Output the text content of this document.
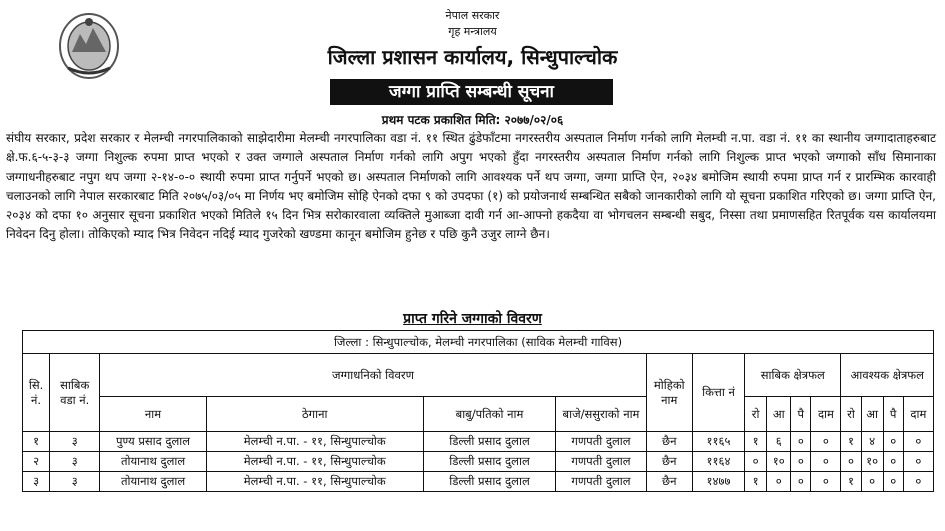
नेपाल सरकार
गृह मन्त्रालय
जिल्ला प्रशासन कार्यालय, सिन्धुपाल्चोक
जग्गा प्राप्ति सम्बन्धी सूचना
प्रथम पटक प्रकाशित मिति: २०७७/०२/०६
संघीय सरकार, प्रदेश सरकार र मेलम्ची नगरपालिकाको साझेदारीमा मेलम्ची नगरपालिका वडा नं. ११ स्थित ढुंडेफाँटमा नगरस्तरीय अस्पताल निर्माण गर्नको लागि मेलम्ची न.पा. वडा नं. ११ का स्थानीय जग्गादाताहरुबाट क्षे.फ.६-५-३-३ जग्गा निशुल्क रुपमा प्राप्त भएको र उक्त जग्गाले अस्पताल निर्माण गर्नको लागि अपुग भएको हुँदा नगरस्तरीय अस्पताल निर्माण गर्नको लागि निशुल्क प्राप्त भएको जग्गाको साँध सिमानाका जग्गाधनीहरुबाट नपुग थप जग्गा २-१४-०-० स्थायी रुपमा प्राप्त गर्नुपर्ने भएको छ। अस्पताल निर्माणको लागि आवश्यक पर्ने थप जग्गा, जग्गा प्राप्ति ऐन, २०३४ बमोजिम स्थायी रुपमा प्राप्त गर्न र प्रारम्भिक कारवाही चलाउनको लागि नेपाल सरकारबाट मिति २०७५/०३/०५ मा निर्णय भए बमोजिम सोहि ऐनको दफा ९ को उपदफा (१) को प्रयोजनार्थ सम्बन्धित सबैको जानकारीको लागि यो सूचना प्रकाशित गरिएको छ। जग्गा प्राप्ति ऐन, २०३४ को दफा १० अनुसार सूचना प्रकाशित भएको मितिले १५ दिन भित्र सरोकारवाला व्यक्तिले मुआब्जा दावी गर्न आ-आफ्नो हकदैया वा भोगचलन सम्बन्धी सबुद, निस्सा तथा प्रमाणसहित रितपूर्वक यस कार्यालयमा निवेदन दिनु होला। तोकिएको म्याद भित्र निवेदन नदिई म्याद गुजरेको खण्डमा कानून बमोजिम हुनेछ र पछि कुनै उजुर लाग्ने छैन।
प्राप्त गरिने जग्गाको विवरण
जिल्ला : सिन्धुपाल्चोक, मेलम्ची नगरपालिका (साविक मेलम्ची गाविस)															
सि. नं.	साबिक वडा नं.	जग्गाधनिको विवरण				मोहिको नाम	कित्ता नं	साबिक क्षेत्रफल				आवश्यक क्षेत्रफल			
		नाम	ठेगाना	बाबु/पतिको नाम	बाजे/ससुराको नाम			रो	आ	पै	दाम	रो	आ	पै	दाम
१	३	पुण्य प्रसाद दुलाल	मेलम्ची न.पा. - ११, सिन्धुपाल्चोक	डिल्ली प्रसाद दुलाल	गणपती दुलाल	छैन	११६५	१	६	०	०	१	४	०	०
२	३	तोयानाथ दुलाल	मेलम्ची न.पा. - ११, सिन्धुपाल्चोक	डिल्ली प्रसाद दुलाल	गणपती दुलाल	छैन	११६४	०	१०	०	०	०	१०	०	०
३	३	तोयानाथ दुलाल	मेलम्ची न.पा. - ११, सिन्धुपाल्चोक	डिल्ली प्रसाद दुलाल	गणपती दुलाल	छैन	१४७७	१	०	०	०	१	०	०	०
